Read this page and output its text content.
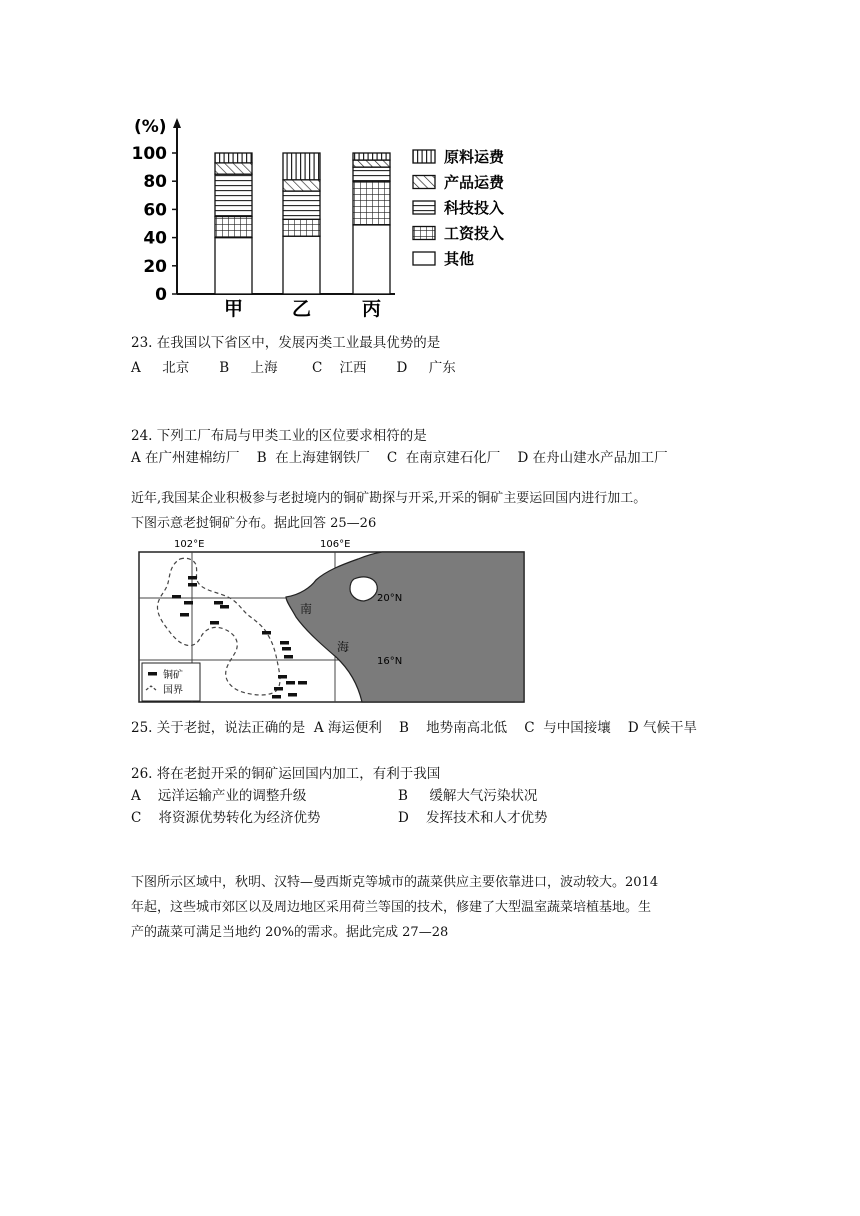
(%)
0
20
40
60
80
100
甲	乙	丙
原料运费
产品运费
科技投入
工资投入
其他
23. 在我国以下省区中，发展丙类工业最具优势的是
A     北京       B     上海        C    江西       D     广东
24. 下列工厂布局与甲类工业的区位要求相符的是
A 在广州建棉纺厂    B  在上海建钢铁厂    C  在南京建石化厂    D 在舟山建水产品加工厂
近年,我国某企业积极参与老挝境内的铜矿勘探与开采,开采的铜矿主要运回国内进行加工。
下图示意老挝铜矿分布。据此回答 25—26
铜矿
国界
102°E	106°E
20°N
16°N
南
海
25. 关于老挝，说法正确的是  A 海运便利    B    地势南高北低    C  与中国接壤    D 气候干旱
26. 将在老挝开采的铜矿运回国内加工，有利于我国
A    远洋运输产业的调整升级	B     缓解大气污染状况
C    将资源优势转化为经济优势	D    发挥技术和人才优势
下图所示区域中，秋明、汉特—曼西斯克等城市的蔬菜供应主要依靠进口，波动较大。2014
年起，这些城市郊区以及周边地区采用荷兰等国的技术，修建了大型温室蔬菜培植基地。生
产的蔬菜可满足当地约 20%的需求。据此完成 27—28
